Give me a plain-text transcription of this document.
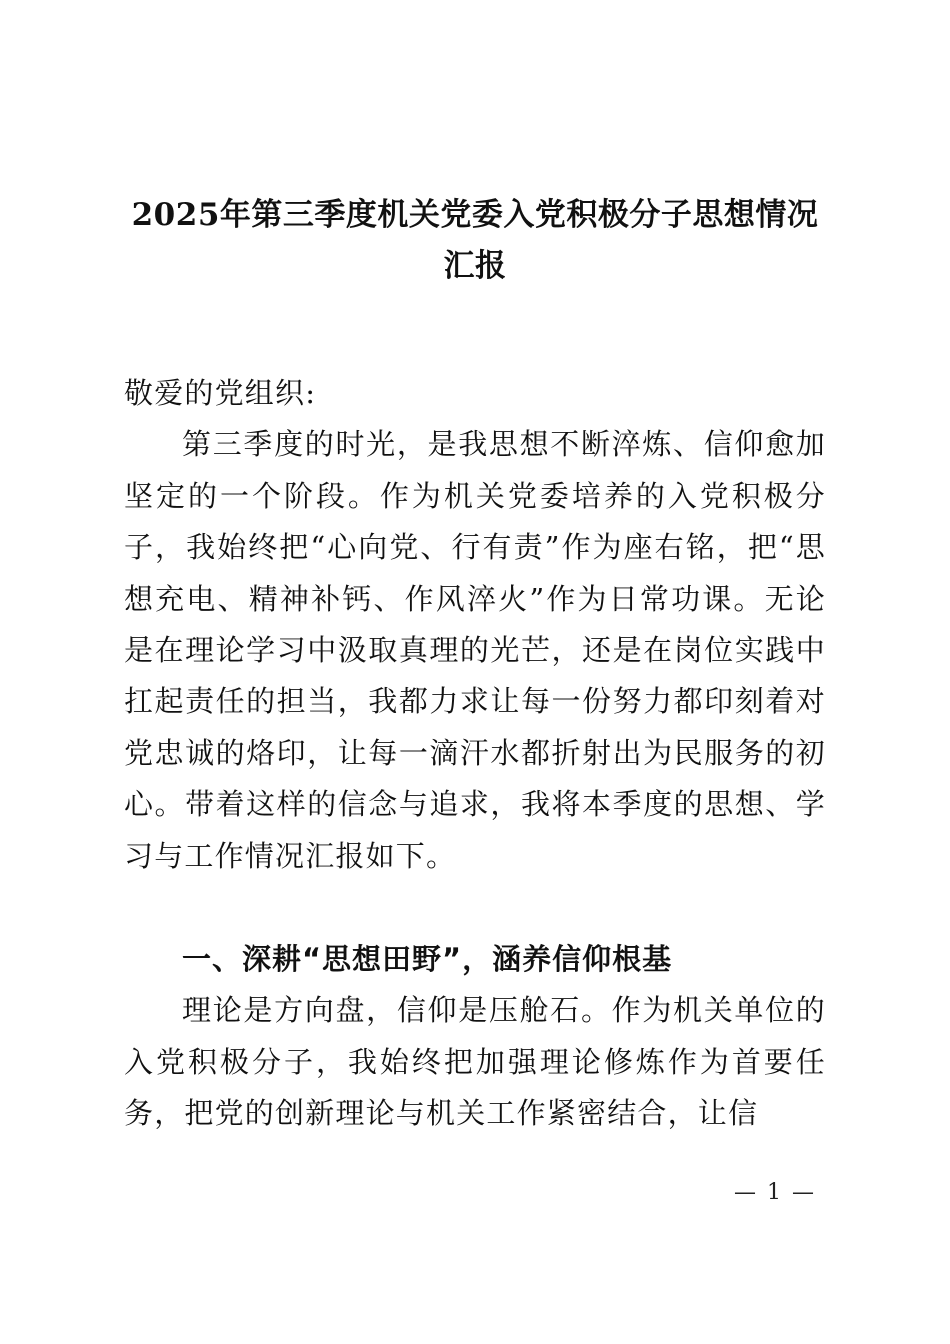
2025年第三季度机关党委入党积极分子思想情况汇报

敬爱的党组织:

第三季度的时光，是我思想不断淬炼、信仰愈加坚定的一个阶段。作为机关党委培养的入党积极分子，我始终把“心向党、行有责”作为座右铭，把“思想充电、精神补钙、作风淬火”作为日常功课。无论是在理论学习中汲取真理的光芒，还是在岗位实践中扛起责任的担当，我都力求让每一份努力都印刻着对党忠诚的烙印，让每一滴汗水都折射出为民服务的初心。带着这样的信念与追求，我将本季度的思想、学习与工作情况汇报如下。

一、深耕“思想田野”，涵养信仰根基

理论是方向盘，信仰是压舱石。作为机关单位的入党积极分子，我始终把加强理论修炼作为首要任务，把党的创新理论与机关工作紧密结合，让信

— 1 —
